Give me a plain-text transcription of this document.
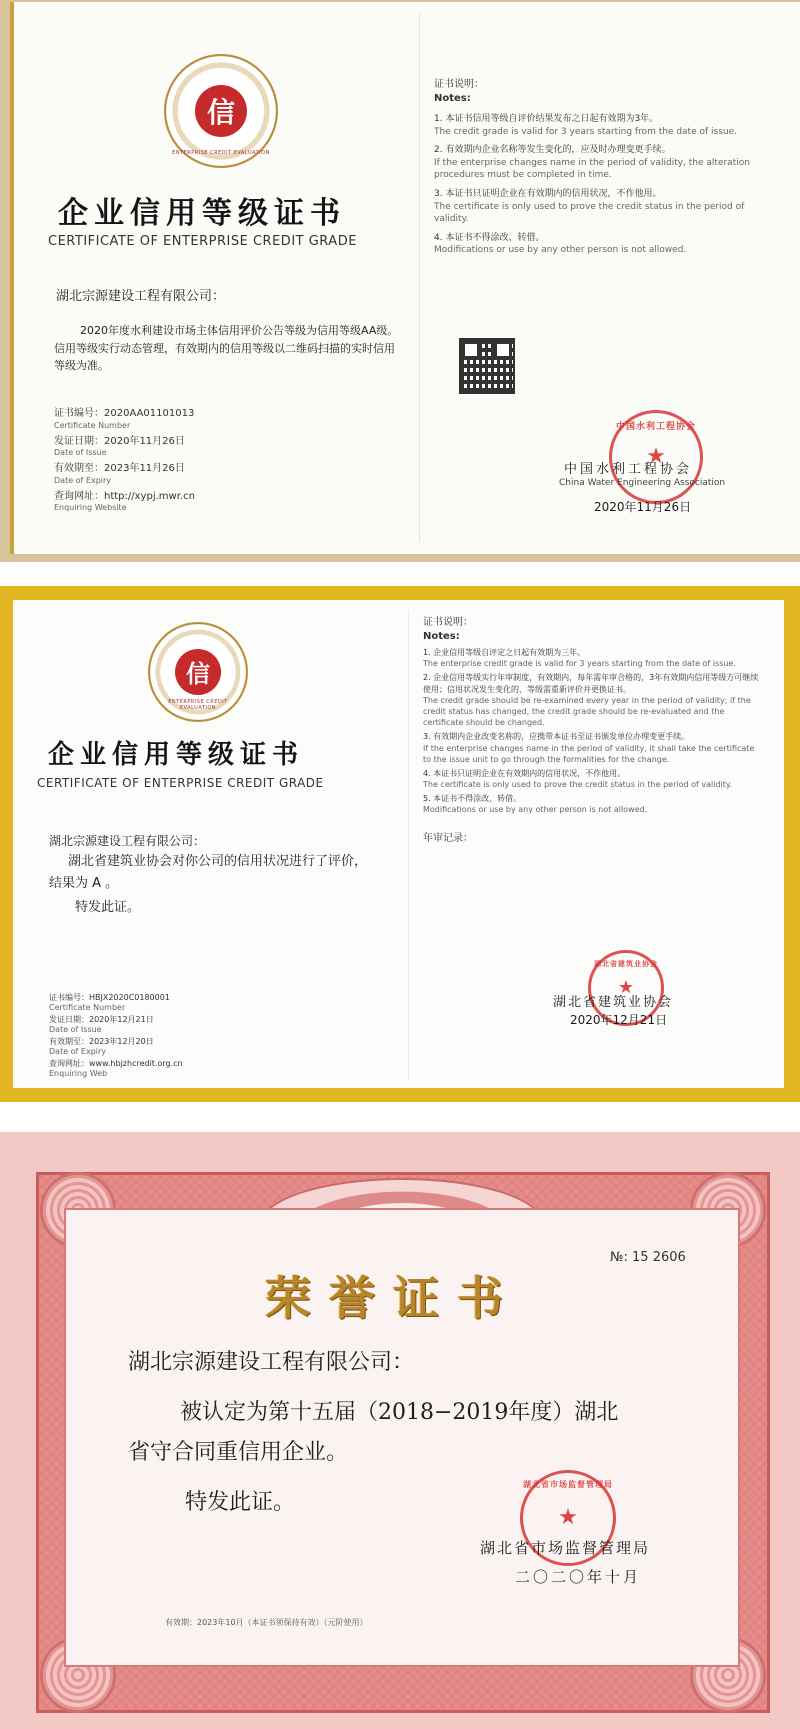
信
ENTERPRISE CREDIT EVALUATION
企业信用等级证书
CERTIFICATE OF ENTERPRISE CREDIT GRADE
湖北宗源建设工程有限公司：
2020年度水利建设市场主体信用评价公告等级为信用等级AA级。信用等级实行动态管理，有效期内的信用等级以二维码扫描的实时信用等级为准。
证书编号：2020AA01101013
Certificate Number
发证日期：2020年11月26日
Date of Issue
有效期至：2023年11月26日
Date of Expiry
查询网址：http://xypj.mwr.cn
Enquiring Website
证书说明：
Notes:
1. 本证书信用等级自评价结果发布之日起有效期为3年。
The credit grade is valid for 3 years starting from the date of issue.
2. 有效期内企业名称等发生变化的，应及时办理变更手续。
If the enterprise changes name in the period of validity, the alteration procedures must be completed in time.
3. 本证书只证明企业在有效期内的信用状况，不作他用。
The certificate is only used to prove the credit status in the period of validity.
4. 本证书不得涂改、转借。
Modifications or use by any other person is not allowed.
中国水利工程协会
★
中国水利工程协会
China Water Engineering Association
2020年11月26日
信
ENTERPRISE CREDIT EVALUATION
企业信用等级证书
CERTIFICATE OF ENTERPRISE CREDIT GRADE
湖北宗源建设工程有限公司：
湖北省建筑业协会对你公司的信用状况进行了评价，
结果为 A 。
特发此证。
证书编号：HBJX2020C0180001
Certificate Number
发证日期：2020年12月21日
Date of Issue
有效期至：2023年12月20日
Date of Expiry
查询网址：www.hbjzhcredit.org.cn
Enquiring Web
证书说明：
Notes:
1. 企业信用等级自评定之日起有效期为三年。
The enterprise credit grade is valid for 3 years starting from the date of issue.
2. 企业信用等级实行年审制度，有效期内，每年需年审合格的，3年有效期内信用等级方可继续使用；信用状况发生变化的，等级需重新评价并更换证书。
The credit grade should be re-examined every year in the period of validity; if the credit status has changed, the credit grade should be re-evaluated and the certificate should be changed.
3. 有效期内企业改变名称的，应携带本证书至证书颁发单位办理变更手续。
If the enterprise changes name in the period of validity, it shall take the certificate to the issue unit to go through the formalities for the change.
4. 本证书只证明企业在有效期内的信用状况，不作他用。
The certificate is only used to prove the credit status in the period of validity.
5. 本证书不得涂改、转借。
Modifications or use by any other person is not allowed.
年审记录：
湖北省建筑业协会
★
湖北省建筑业协会
2020年12月21日
№: 15 2606
荣誉证书
湖北宗源建设工程有限公司：
被认定为第十五届（2018−2019年度）湖北
省守合同重信用企业。
特发此证。
湖北省市场监督管理局
★
湖北省市场监督管理局
二〇二〇年十月
有效期：2023年10月（本证书须保持有效）（元阶使用）
